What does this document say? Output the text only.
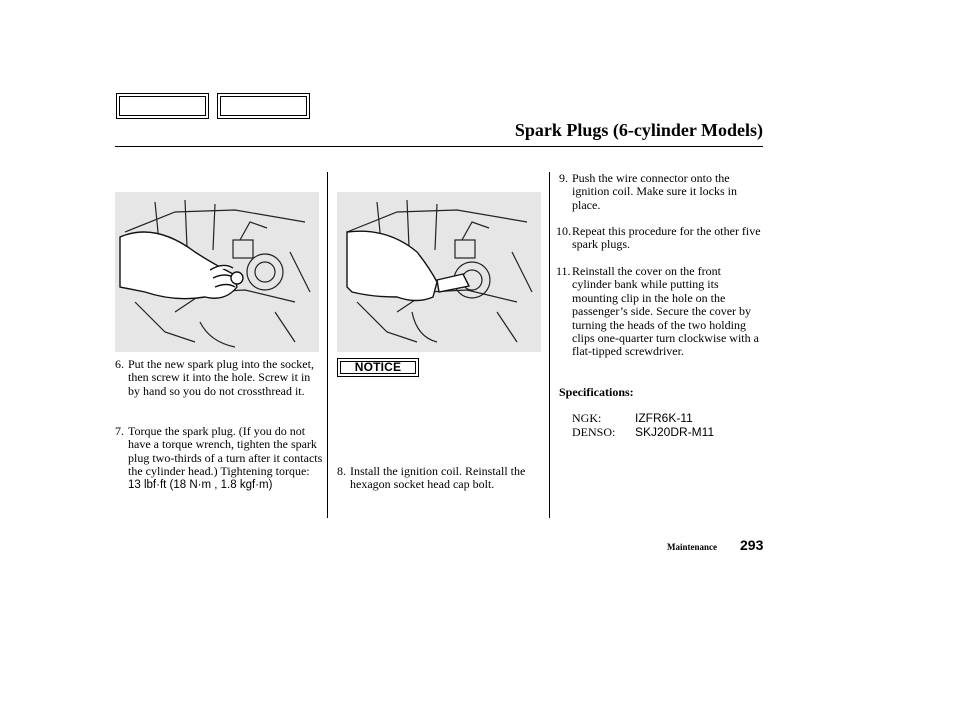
Spark Plugs (6-cylinder Models)
6. Put the new spark plug into the socket, then screw it into the hole. Screw it in by hand so you do not crossthread it.
7. Torque the spark plug. (If you do not have a torque wrench, tighten the spark plug two-thirds of a turn after it contacts the cylinder head.) Tightening torque:
13 lbf·ft (18 N·m , 1.8 kgf·m)
NOTICE
8. Install the ignition coil. Reinstall the hexagon socket head cap bolt.
9. Push the wire connector onto the ignition coil. Make sure it locks in place.
10. Repeat this procedure for the other five spark plugs.
11. Reinstall the cover on the front cylinder bank while putting its mounting clip in the hole on the passenger’s side. Secure the cover by turning the heads of the two holding clips one-quarter turn clockwise with a flat-tipped screwdriver.
Specifications:
NGK:	IZFR6K-11
DENSO: SKJ20DR-M11
Maintenance 293
